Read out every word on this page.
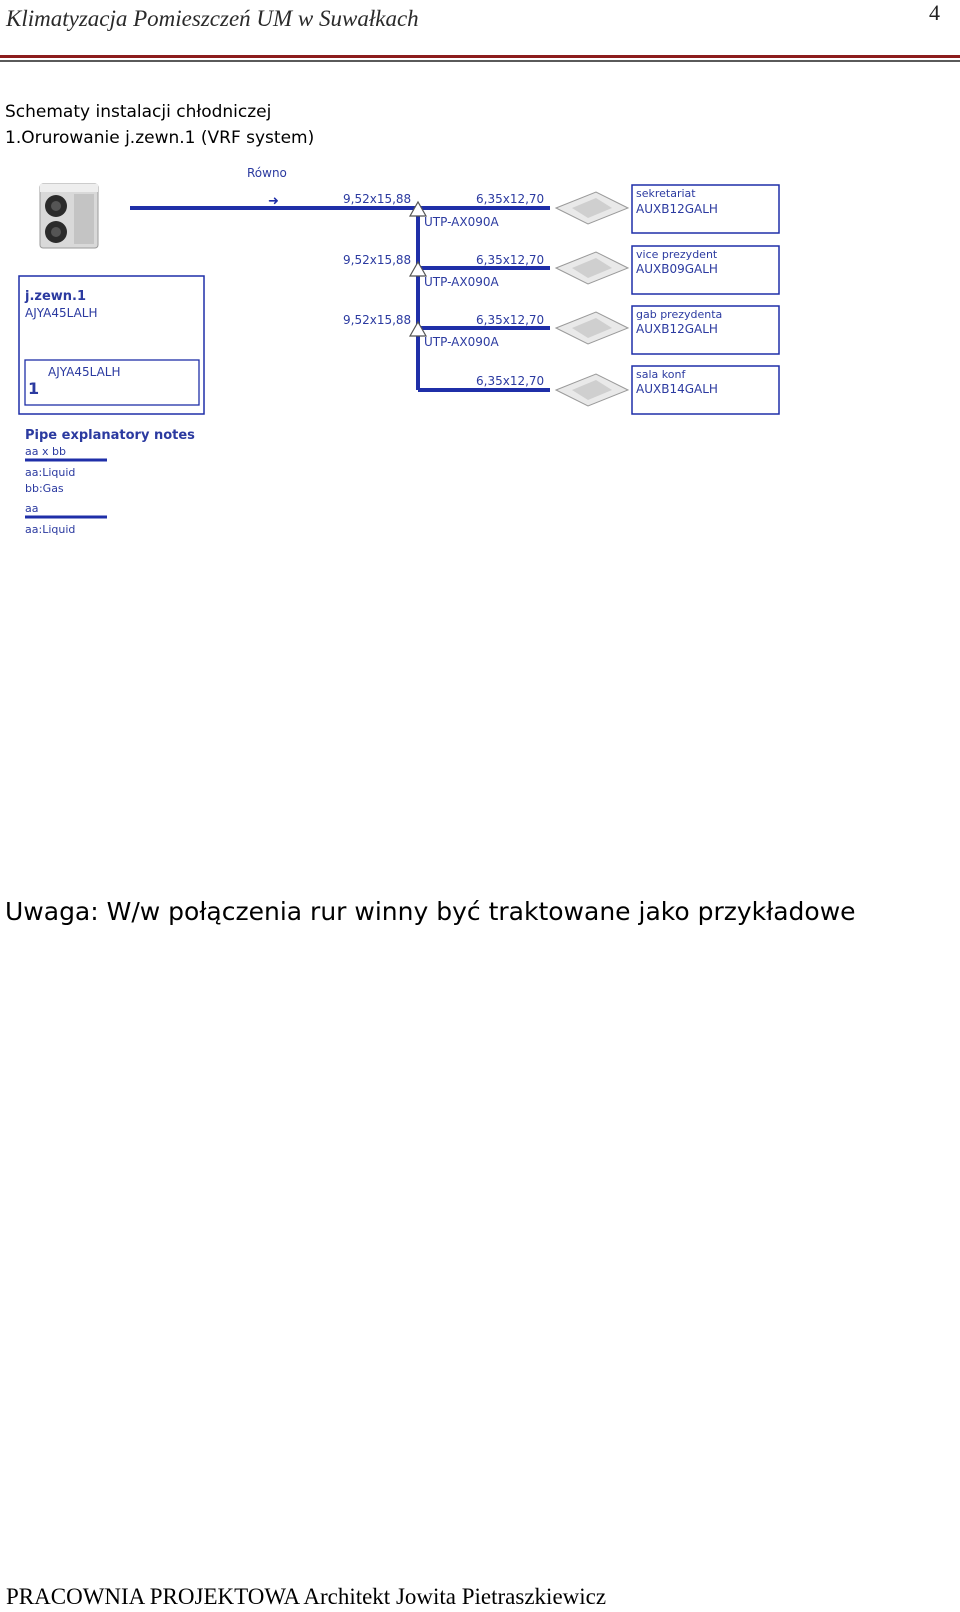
Klimatyzacja Pomieszczeń UM w Suwałkach	4
Schematy instalacji chłodniczej
1.Orurowanie j.zewn.1 (VRF system)
Równo
➜	9,52x15,88
9,52x15,88
9,52x15,88
6,35x12,70
6,35x12,70
6,35x12,70
6,35x12,70
UTP-AX090A
UTP-AX090A
UTP-AX090A
sekretariat
AUXB12GALH
vice prezydent
AUXB09GALH
gab prezydenta
AUXB12GALH
sala konf
AUXB14GALH
j.zewn.1
AJYA45LALH
AJYA45LALH
1
Pipe explanatory notes
aa x bb
aa:Liquid
bb:Gas
aa
aa:Liquid
Uwaga: W/w połączenia rur winny być traktowane jako przykładowe
PRACOWNIA PROJEKTOWA Architekt Jowita Pietraszkiewicz
